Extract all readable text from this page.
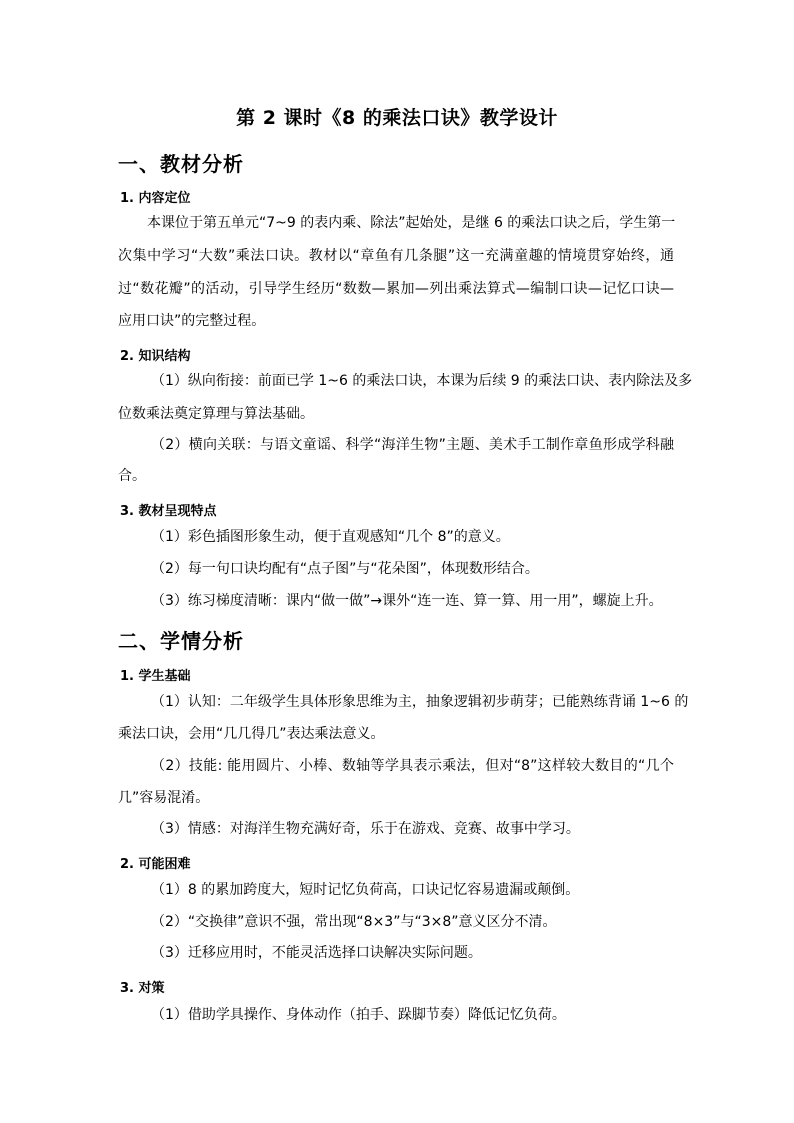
第 2 课时《8 的乘法口诀》教学设计
一、教材分析
1. 内容定位
本课位于第五单元“7~9 的表内乘、除法”起始处，是继 6 的乘法口诀之后，学生第一
次集中学习“大数”乘法口诀。教材以“章鱼有几条腿”这一充满童趣的情境贯穿始终，通
过“数花瓣”的活动，引导学生经历“数数—累加—列出乘法算式—编制口诀—记忆口诀—
应用口诀”的完整过程。
2. 知识结构
（1）纵向衔接：前面已学 1~6 的乘法口诀，本课为后续 9 的乘法口诀、表内除法及多
位数乘法奠定算理与算法基础。
（2）横向关联：与语文童谣、科学“海洋生物”主题、美术手工制作章鱼形成学科融
合。
3. 教材呈现特点
（1）彩色插图形象生动，便于直观感知“几个 8”的意义。
（2）每一句口诀均配有“点子图”与“花朵图”，体现数形结合。
（3）练习梯度清晰：课内“做一做”→课外“连一连、算一算、用一用”，螺旋上升。
二、学情分析
1. 学生基础
（1）认知：二年级学生具体形象思维为主，抽象逻辑初步萌芽；已能熟练背诵 1~6 的
乘法口诀，会用“几几得几”表达乘法意义。
（2）技能: 能用圆片、小棒、数轴等学具表示乘法，但对“8”这样较大数目的“几个
几”容易混淆。
（3）情感：对海洋生物充满好奇，乐于在游戏、竞赛、故事中学习。
2. 可能困难
（1）8 的累加跨度大，短时记忆负荷高，口诀记忆容易遗漏或颠倒。
（2）“交换律”意识不强，常出现“8×3”与“3×8”意义区分不清。
（3）迁移应用时，不能灵活选择口诀解决实际问题。
3. 对策
（1）借助学具操作、身体动作（拍手、跺脚节奏）降低记忆负荷。
